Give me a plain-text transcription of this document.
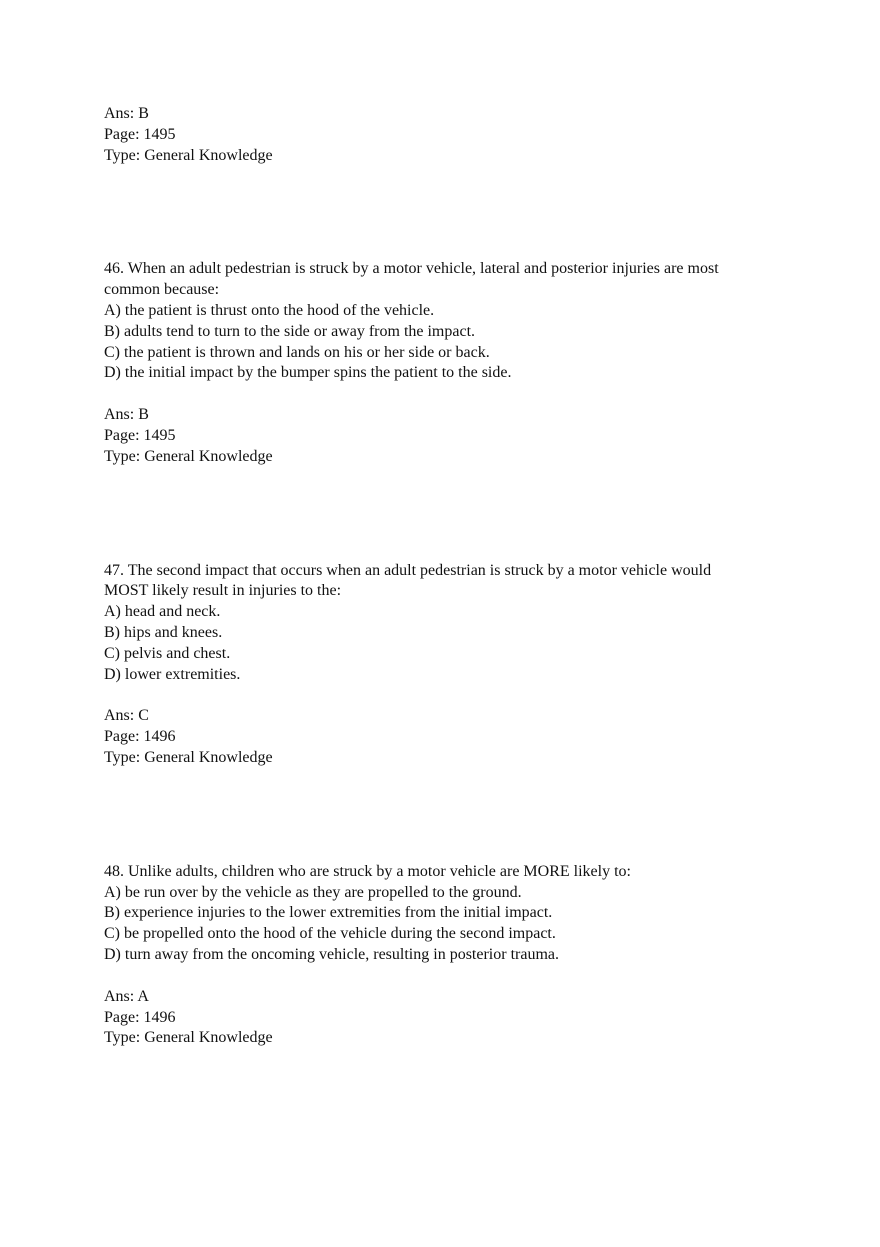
Ans: B
Page: 1495
Type: General Knowledge
46. When an adult pedestrian is struck by a motor vehicle, lateral and posterior injuries are most
common because:
A) the patient is thrust onto the hood of the vehicle.
B) adults tend to turn to the side or away from the impact.
C) the patient is thrown and lands on his or her side or back.
D) the initial impact by the bumper spins the patient to the side.
Ans: B
Page: 1495
Type: General Knowledge
47. The second impact that occurs when an adult pedestrian is struck by a motor vehicle would
MOST likely result in injuries to the:
A) head and neck.
B) hips and knees.
C) pelvis and chest.
D) lower extremities.
Ans: C
Page: 1496
Type: General Knowledge
48. Unlike adults, children who are struck by a motor vehicle are MORE likely to:
A) be run over by the vehicle as they are propelled to the ground.
B) experience injuries to the lower extremities from the initial impact.
C) be propelled onto the hood of the vehicle during the second impact.
D) turn away from the oncoming vehicle, resulting in posterior trauma.
Ans: A
Page: 1496
Type: General Knowledge
